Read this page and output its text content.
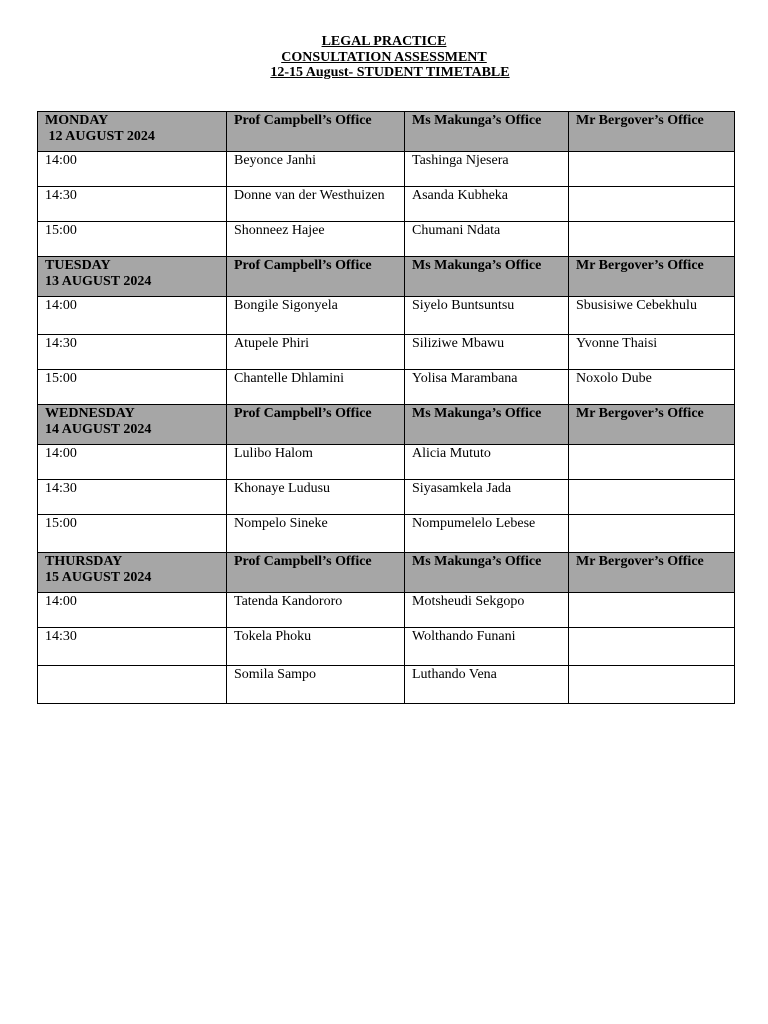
LEGAL PRACTICE
CONSULTATION ASSESSMENT
12-15 August- STUDENT TIMETABLE
MONDAY
12 AUGUST 2024	Prof Campbell’s Office	Ms Makunga’s Office	Mr Bergover’s Office
14:00	Beyonce Janhi	Tashinga Njesera	
14:30	Donne van der Westhuizen	Asanda Kubheka	
15:00	Shonneez Hajee	Chumani Ndata	

TUESDAY
13 AUGUST 2024	Prof Campbell’s Office	Ms Makunga’s Office	Mr Bergover’s Office
14:00	Bongile Sigonyela	Siyelo Buntsuntsu	Sbusisiwe Cebekhulu
14:30	Atupele Phiri	Siliziwe Mbawu	Yvonne Thaisi
15:00	Chantelle Dhlamini	Yolisa Marambana	Noxolo Dube

WEDNESDAY
14 AUGUST 2024	Prof Campbell’s Office	Ms Makunga’s Office	Mr Bergover’s Office
14:00	Lulibo Halom	Alicia Mututo	
14:30	Khonaye Ludusu	Siyasamkela Jada	
15:00	Nompelo Sineke	Nompumelelo Lebese	

THURSDAY
15 AUGUST 2024	Prof Campbell’s Office	Ms Makunga’s Office	Mr Bergover’s Office
14:00	Tatenda Kandororo	Motsheudi Sekgopo	
14:30	Tokela Phoku	Wolthando Funani	
	Somila Sampo	Luthando Vena	
